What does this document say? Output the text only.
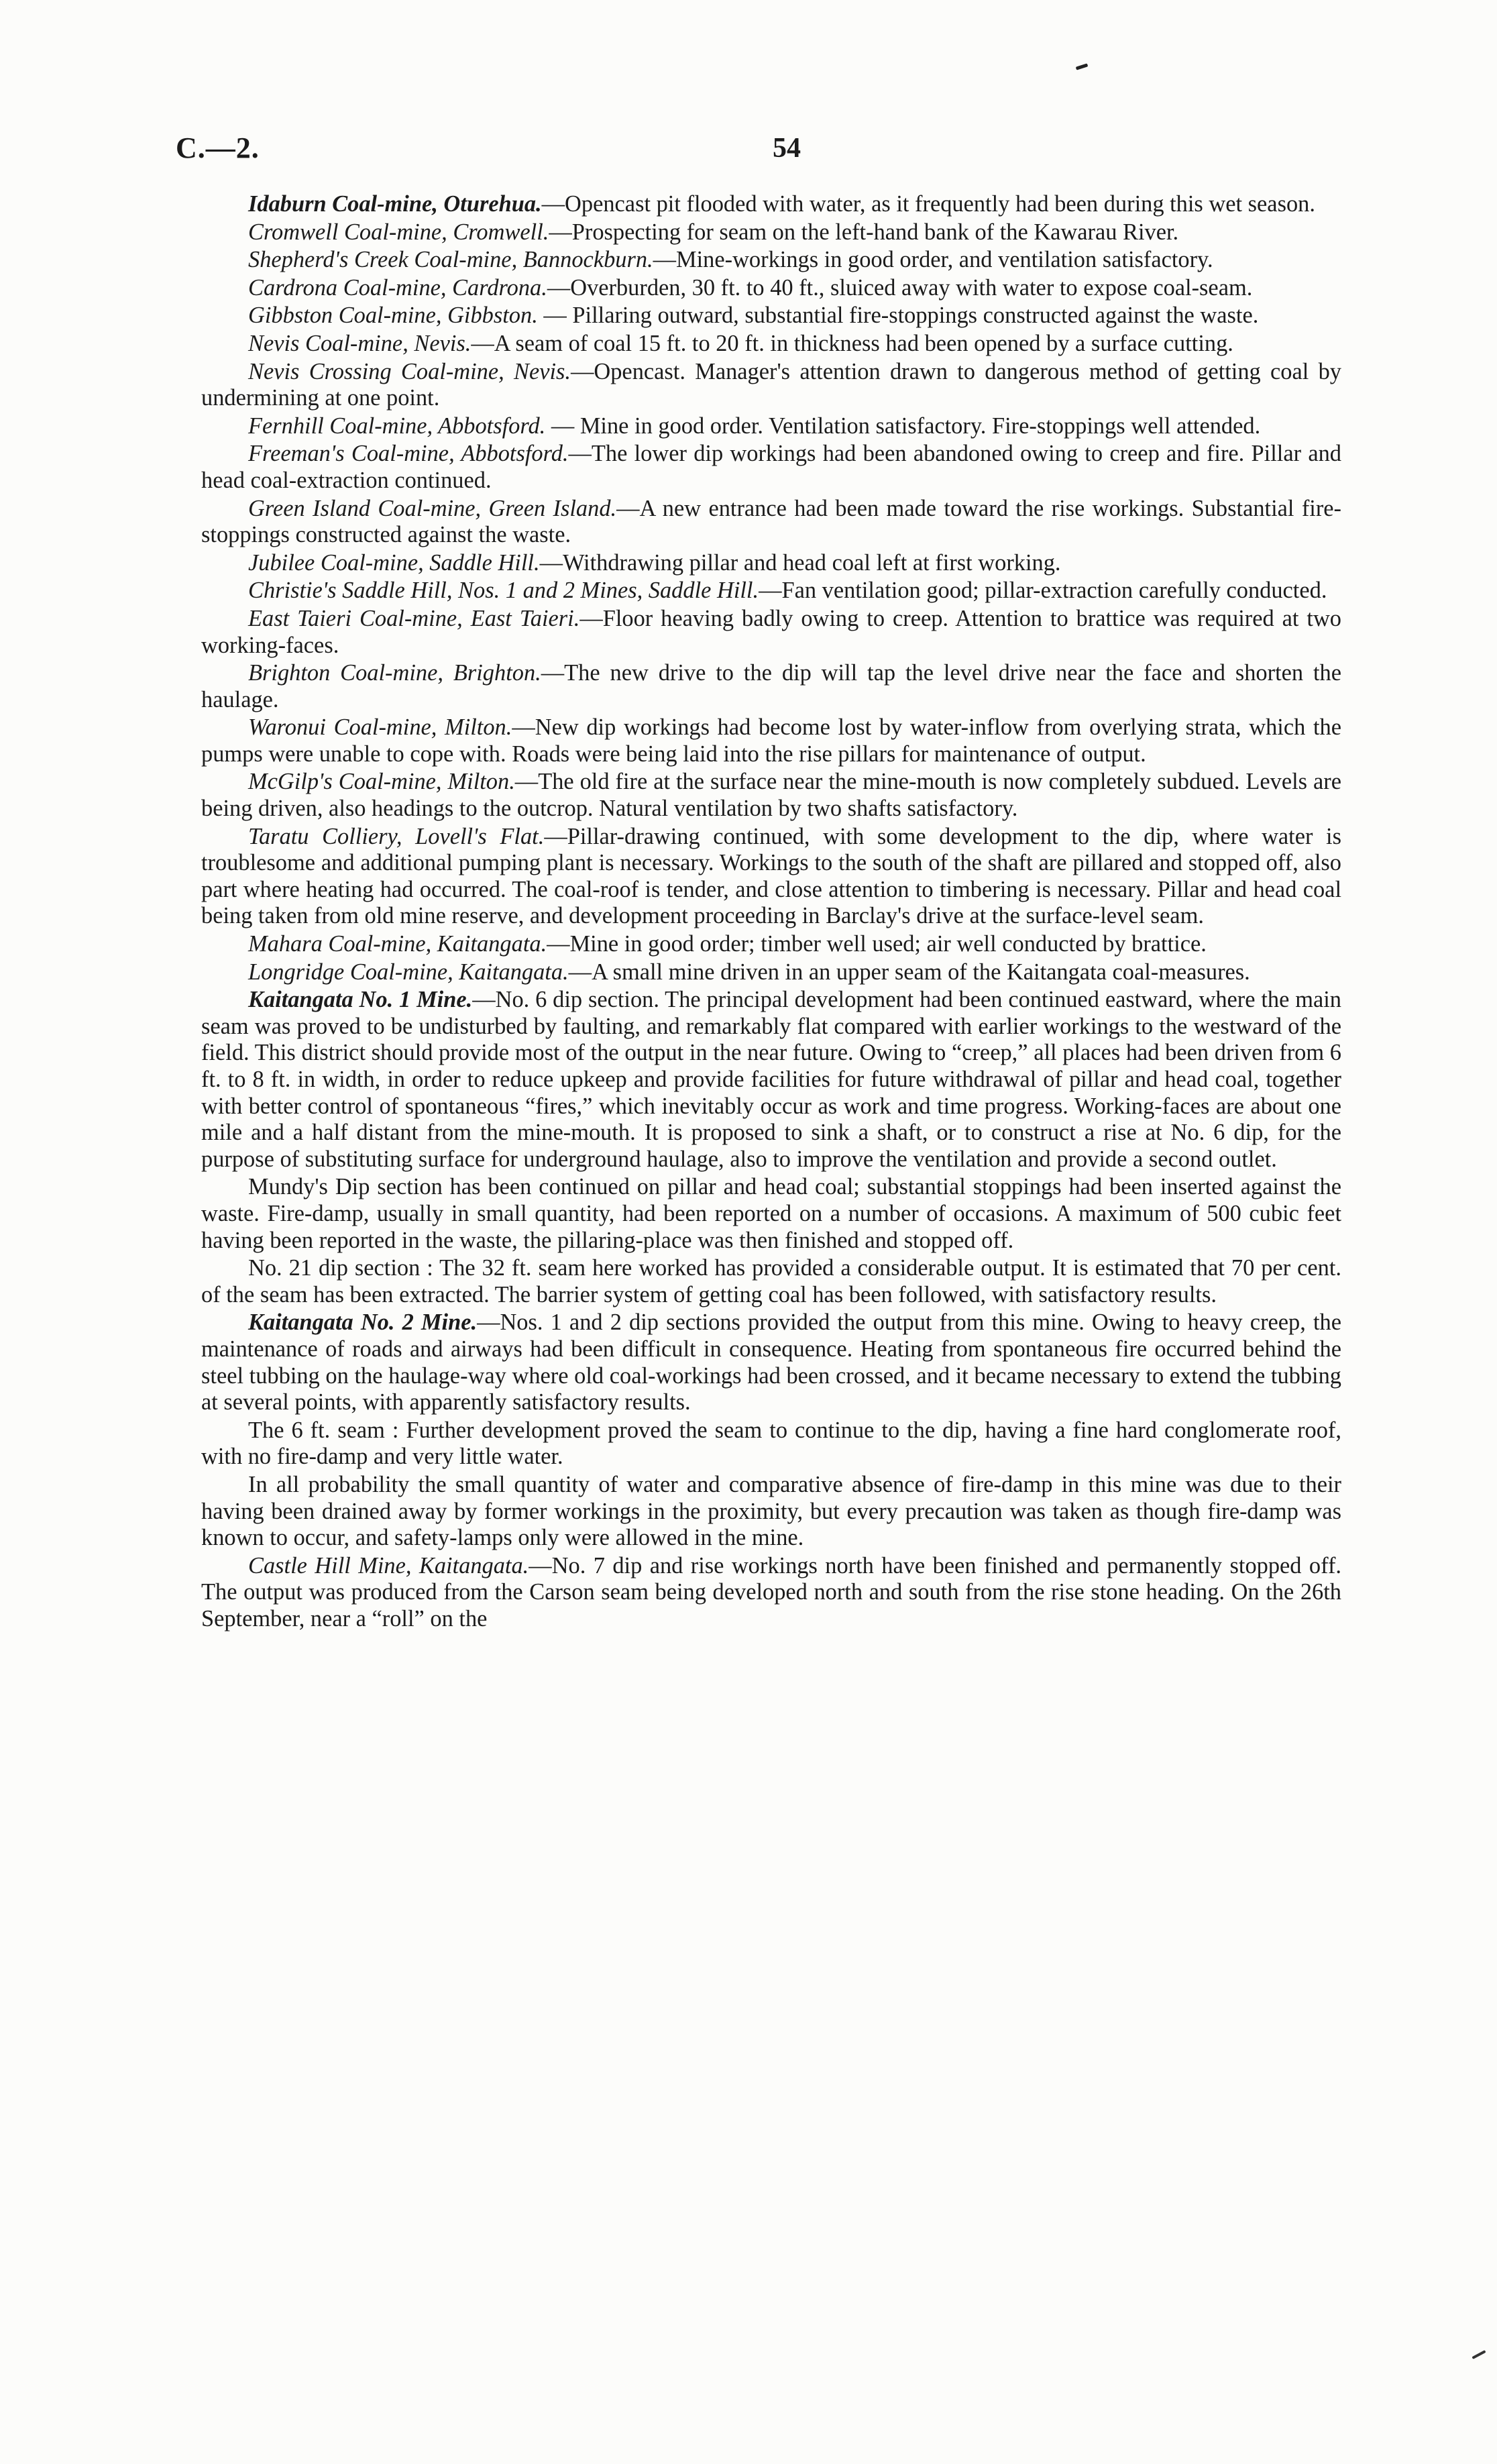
C.—2.	54

Idaburn Coal-mine, Oturehua.—Opencast pit flooded with water, as it frequently had been during this wet season.

Cromwell Coal-mine, Cromwell.—Prospecting for seam on the left-hand bank of the Kawarau River.

Shepherd's Creek Coal-mine, Bannockburn.—Mine-workings in good order, and ventilation satisfactory.

Cardrona Coal-mine, Cardrona.—Overburden, 30 ft. to 40 ft., sluiced away with water to expose coal-seam.

Gibbston Coal-mine, Gibbston. — Pillaring outward, substantial fire-stoppings constructed against the waste.

Nevis Coal-mine, Nevis.—A seam of coal 15 ft. to 20 ft. in thickness had been opened by a surface cutting.

Nevis Crossing Coal-mine, Nevis.—Opencast. Manager's attention drawn to dangerous method of getting coal by undermining at one point.

Fernhill Coal-mine, Abbotsford. — Mine in good order. Ventilation satisfactory. Fire-stoppings well attended.

Freeman's Coal-mine, Abbotsford.—The lower dip workings had been abandoned owing to creep and fire. Pillar and head coal-extraction continued.

Green Island Coal-mine, Green Island.—A new entrance had been made toward the rise workings. Substantial fire-stoppings constructed against the waste.

Jubilee Coal-mine, Saddle Hill.—Withdrawing pillar and head coal left at first working.

Christie's Saddle Hill, Nos. 1 and 2 Mines, Saddle Hill.—Fan ventilation good; pillar-extraction carefully conducted.

East Taieri Coal-mine, East Taieri.—Floor heaving badly owing to creep. Attention to brattice was required at two working-faces.

Brighton Coal-mine, Brighton.—The new drive to the dip will tap the level drive near the face and shorten the haulage.

Waronui Coal-mine, Milton.—New dip workings had become lost by water-inflow from overlying strata, which the pumps were unable to cope with. Roads were being laid into the rise pillars for maintenance of output.

McGilp's Coal-mine, Milton.—The old fire at the surface near the mine-mouth is now completely subdued. Levels are being driven, also headings to the outcrop. Natural ventilation by two shafts satisfactory.

Taratu Colliery, Lovell's Flat.—Pillar-drawing continued, with some development to the dip, where water is troublesome and additional pumping plant is necessary. Workings to the south of the shaft are pillared and stopped off, also part where heating had occurred. The coal-roof is tender, and close attention to timbering is necessary. Pillar and head coal being taken from old mine reserve, and development proceeding in Barclay's drive at the surface-level seam.

Mahara Coal-mine, Kaitangata.—Mine in good order; timber well used; air well conducted by brattice.

Longridge Coal-mine, Kaitangata.—A small mine driven in an upper seam of the Kaitangata coal-measures.

Kaitangata No. 1 Mine.—No. 6 dip section. The principal development had been continued eastward, where the main seam was proved to be undisturbed by faulting, and remarkably flat compared with earlier workings to the westward of the field. This district should provide most of the output in the near future. Owing to “creep,” all places had been driven from 6 ft. to 8 ft. in width, in order to reduce upkeep and provide facilities for future withdrawal of pillar and head coal, together with better control of spontaneous “fires,” which inevitably occur as work and time progress. Working-faces are about one mile and a half distant from the mine-mouth. It is proposed to sink a shaft, or to construct a rise at No. 6 dip, for the purpose of substituting surface for underground haulage, also to improve the ventilation and provide a second outlet.

Mundy's Dip section has been continued on pillar and head coal; substantial stoppings had been inserted against the waste. Fire-damp, usually in small quantity, had been reported on a number of occasions. A maximum of 500 cubic feet having been reported in the waste, the pillaring-place was then finished and stopped off.

No. 21 dip section : The 32 ft. seam here worked has provided a considerable output. It is estimated that 70 per cent. of the seam has been extracted. The barrier system of getting coal has been followed, with satisfactory results.

Kaitangata No. 2 Mine.—Nos. 1 and 2 dip sections provided the output from this mine. Owing to heavy creep, the maintenance of roads and airways had been difficult in consequence. Heating from spontaneous fire occurred behind the steel tubbing on the haulage-way where old coal-workings had been crossed, and it became necessary to extend the tubbing at several points, with apparently satisfactory results.

The 6 ft. seam : Further development proved the seam to continue to the dip, having a fine hard conglomerate roof, with no fire-damp and very little water.

In all probability the small quantity of water and comparative absence of fire-damp in this mine was due to their having been drained away by former workings in the proximity, but every precaution was taken as though fire-damp was known to occur, and safety-lamps only were allowed in the mine.

Castle Hill Mine, Kaitangata.—No. 7 dip and rise workings north have been finished and permanently stopped off. The output was produced from the Carson seam being developed north and south from the rise stone heading. On the 26th September, near a “roll” on the
